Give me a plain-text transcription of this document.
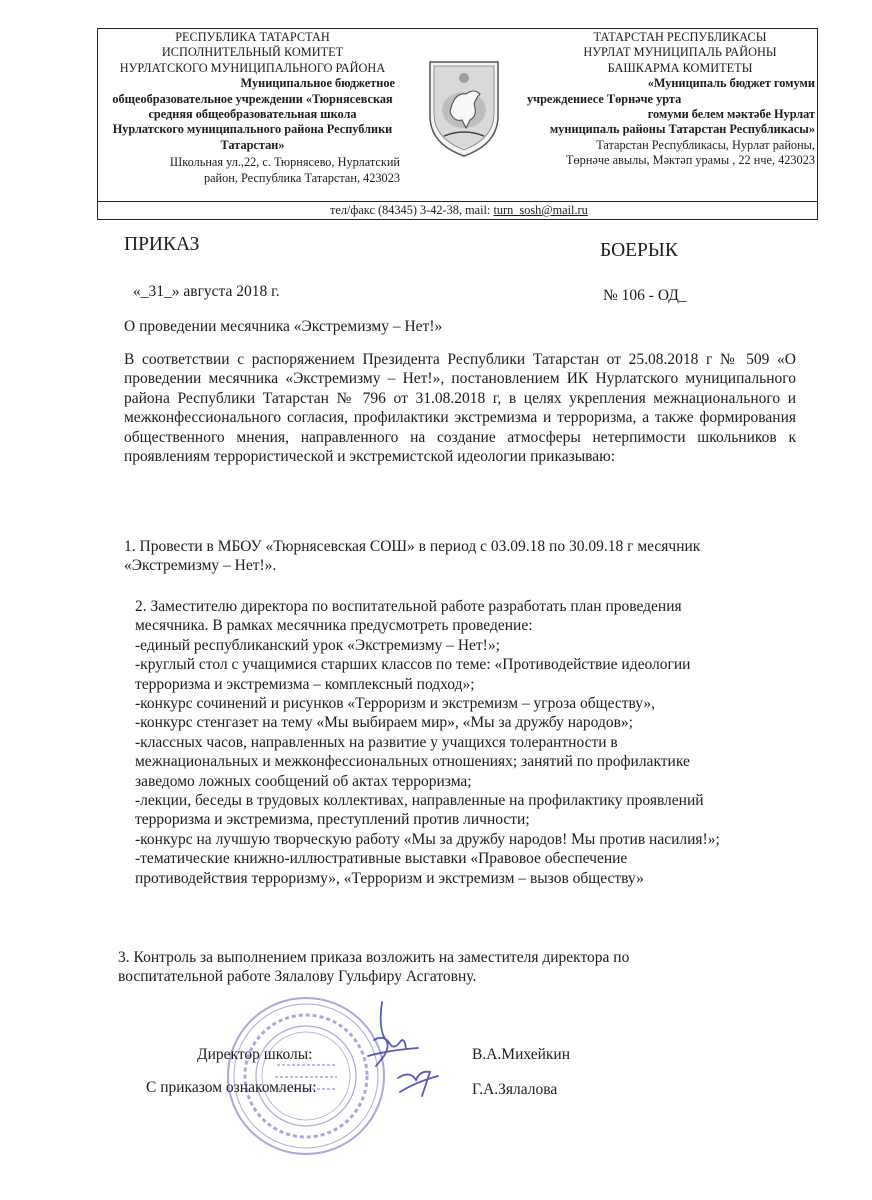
РЕСПУБЛИКА ТАТАРСТАН
ИСПОЛНИТЕЛЬНЫЙ КОМИТЕТ
НУРЛАТСКОГО МУНИЦИПАЛЬНОГО РАЙОНА
Муниципальное бюджетное
общеобразовательное учреждении «Тюрнясевская
средняя общеобразовательная школа
Нурлатского муниципального района Республики
Татарстан»
Школьная ул.,22, с. Тюрнясево, Нурлатский
район, Республика Татарстан, 423023
ТАТАРСТАН РЕСПУБЛИКАСЫ
НУРЛАТ МУНИЦИПАЛЬ РАЙОНЫ
БАШКАРМА КОМИТЕТЫ
«Муниципаль бюджет гомуми
учреждениесе Төрнәче урта
гомуми белем мәктәбе Нурлат
муниципаль районы Татарстан Республикасы»
Татарстан Республикасы, Нурлат районы,
Төрнәче авылы, Мәктәп урамы , 22 нче, 423023
тел/факс (84345) 3-42-38, mail: turn_sosh@mail.ru
ПРИКАЗ	БОЕРЫК
«_31_» августа 2018 г.	№ 106 - ОД_
О проведении месячника «Экстремизму – Нет!»
В соответствии с распоряжением Президента Республики Татарстан от 25.08.2018 г № 509 «О проведении месячника «Экстремизму – Нет!», постановлением ИК Нурлатского муниципального района Республики Татарстан № 796 от 31.08.2018 г, в целях укрепления межнационального и межконфессионального согласия, профилактики экстремизма и терроризма, а также формирования общественного мнения, направленного на создание атмосферы нетерпимости школьников к проявлениям террористической и экстремистской идеологии приказываю:
1. Провести в МБОУ «Тюрнясевская СОШ» в период с 03.09.18 по 30.09.18 г месячник
«Экстремизму – Нет!».
2. Заместителю директора по воспитательной работе разработать план проведения
месячника. В рамках месячника предусмотреть проведение:
-единый республиканский урок «Экстремизму – Нет!»;
-круглый стол с учащимися старших классов по теме: «Противодействие идеологии
терроризма и экстремизма – комплексный подход»;
-конкурс сочинений и рисунков «Терроризм и экстремизм – угроза обществу»,
-конкурс стенгазет на тему «Мы выбираем мир», «Мы за дружбу народов»;
-классных часов, направленных на развитие у учащихся толерантности в
межнациональных и межконфессиональных отношениях; занятий по профилактике
заведомо ложных сообщений об актах терроризма;
-лекции, беседы в трудовых коллективах, направленные на профилактику проявлений
терроризма и экстремизма, преступлений против личности;
-конкурс на лучшую творческую работу «Мы за дружбу народов! Мы против насилия!»;
-тематические книжно-иллюстративные выставки «Правовое обеспечение
противодействия терроризму», «Терроризм и экстремизм – вызов обществу»
3. Контроль за выполнением приказа возложить на заместителя директора по
воспитательной работе Зялалову Гульфиру Асгатовну.
Директор школы:	В.А.Михейкин
С приказом ознакомлены:	Г.А.Зялалова
